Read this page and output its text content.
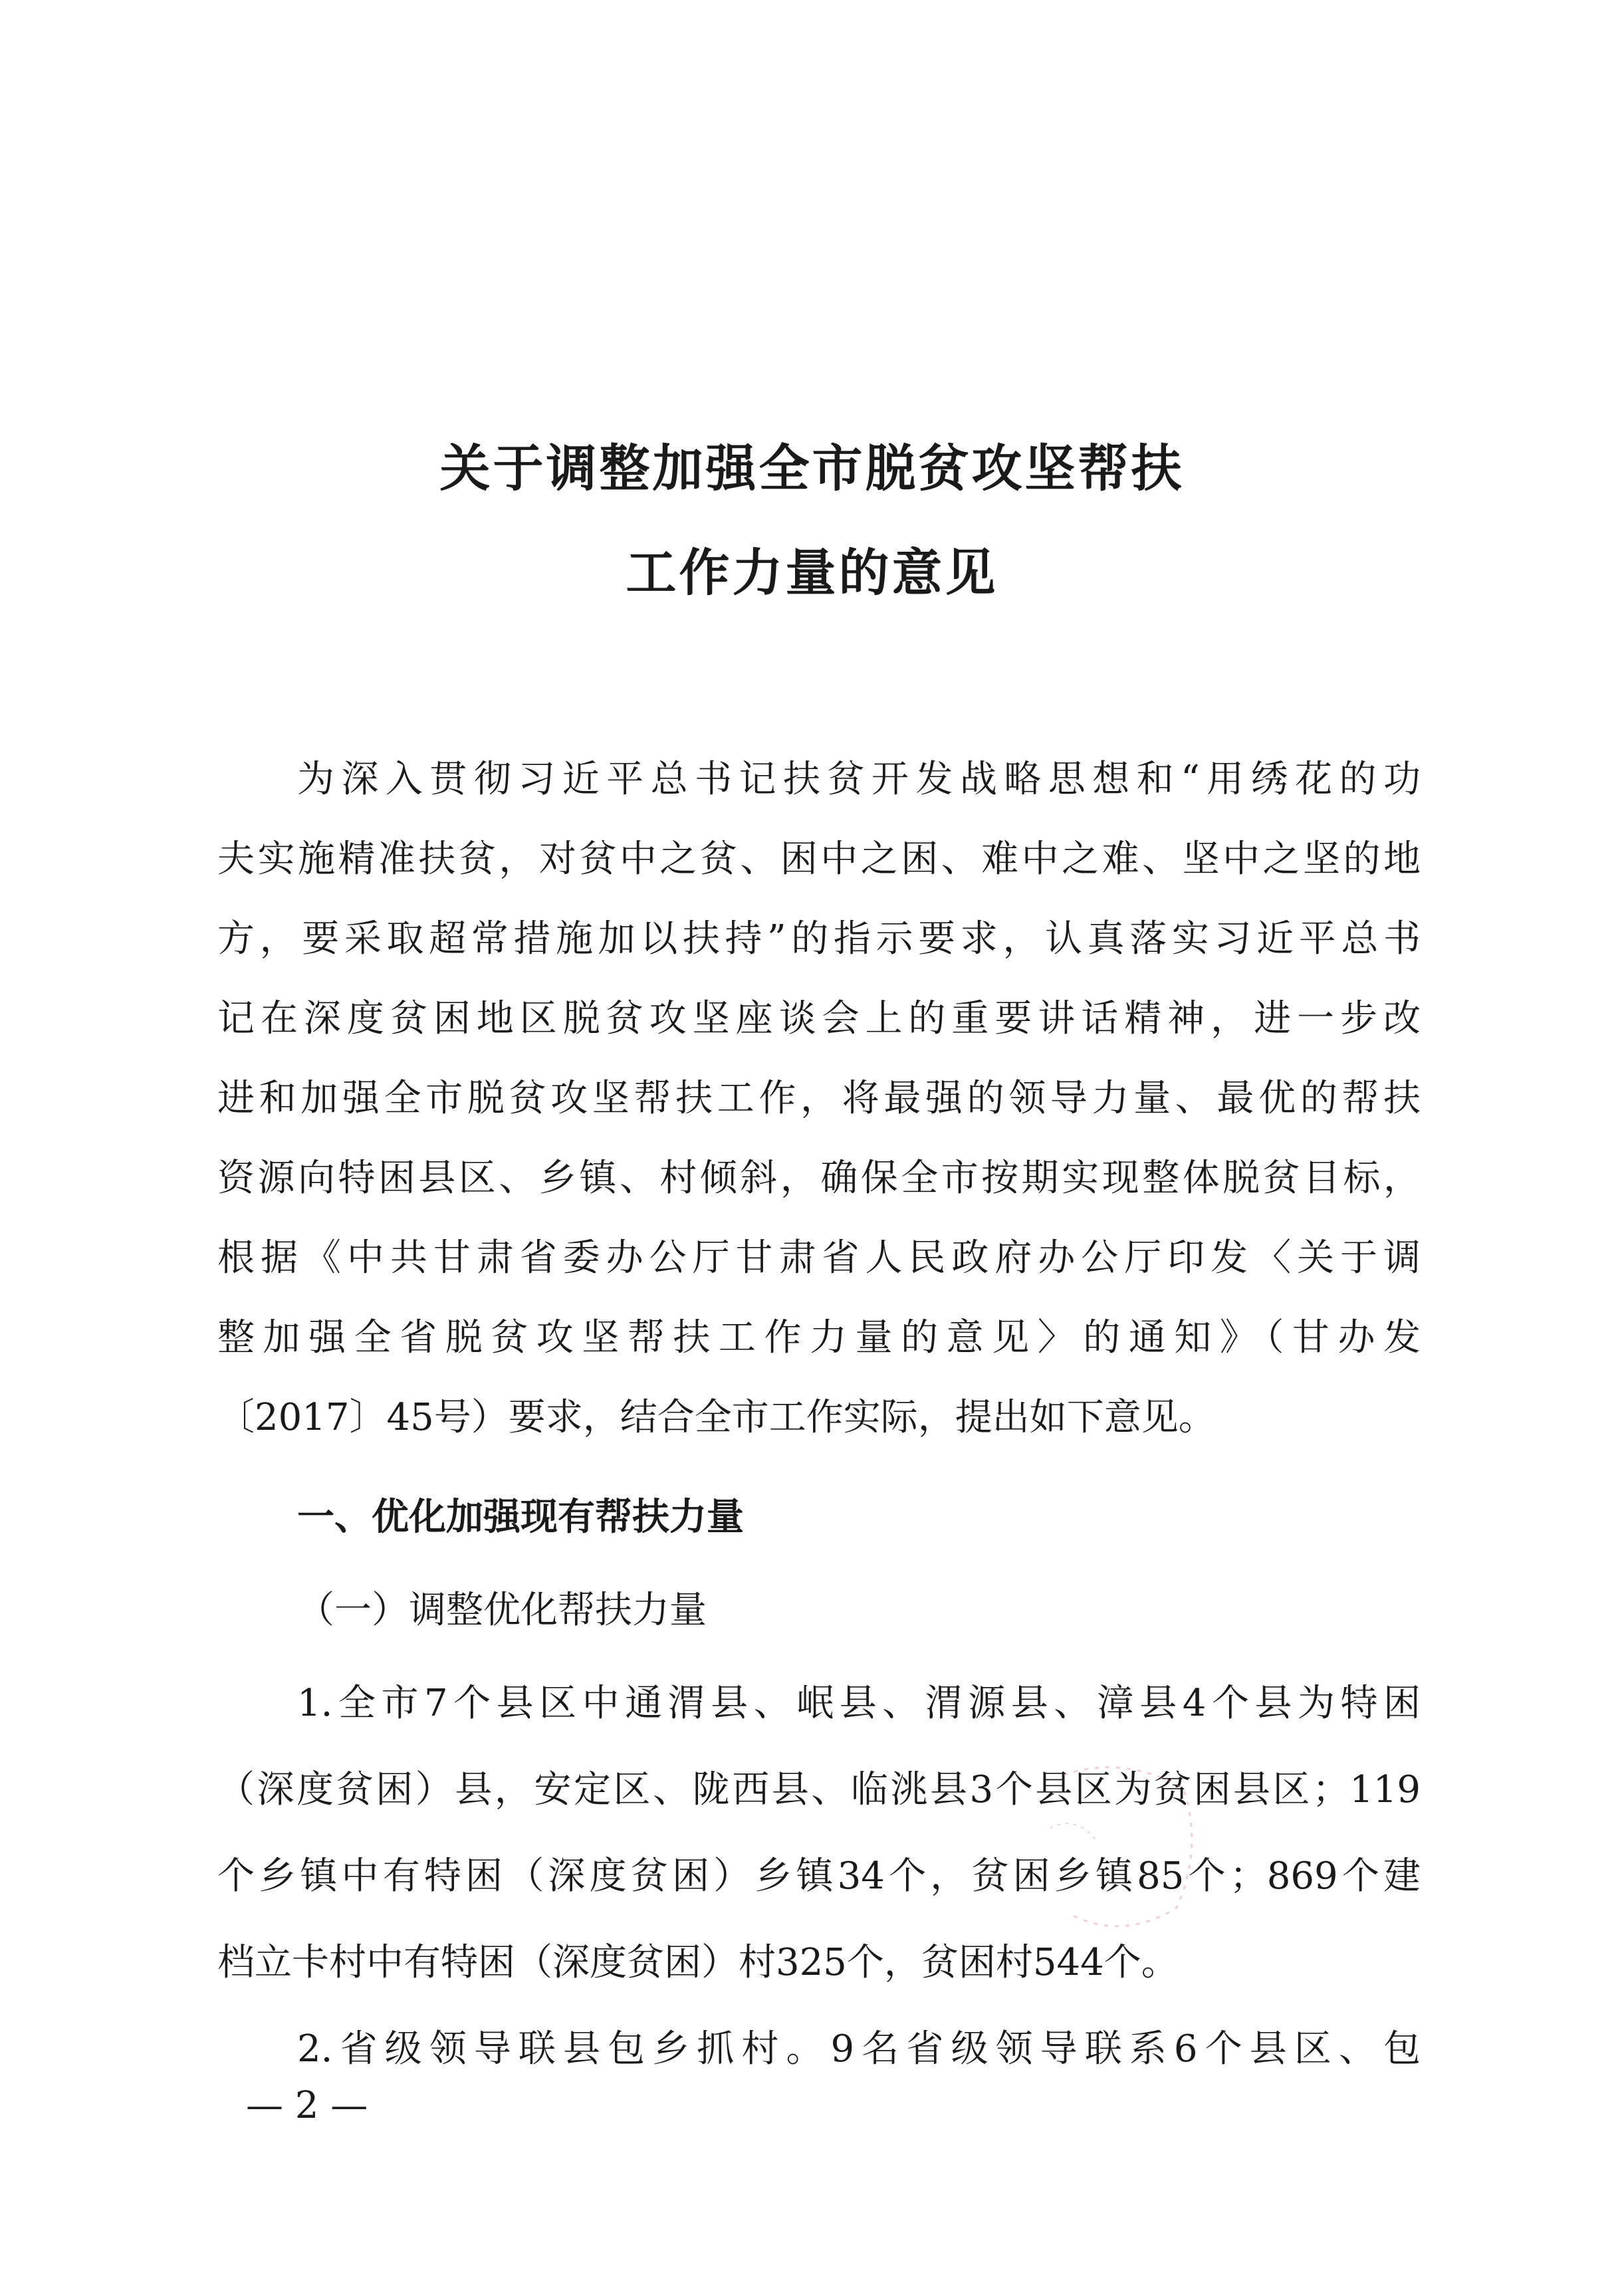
关于调整加强全市脱贫攻坚帮扶
工作力量的意见
为深入贯彻习近平总书记扶贫开发战略思想和“用绣花的功
夫实施精准扶贫，对贫中之贫、困中之困、难中之难、坚中之坚的地
方，要采取超常措施加以扶持”的指示要求，认真落实习近平总书
记在深度贫困地区脱贫攻坚座谈会上的重要讲话精神，进一步改
进和加强全市脱贫攻坚帮扶工作，将最强的领导力量、最优的帮扶
资源向特困县区、乡镇、村倾斜，确保全市按期实现整体脱贫目标，
根据《中共甘肃省委办公厅甘肃省人民政府办公厅印发〈关于调
整加强全省脱贫攻坚帮扶工作力量的意见〉的通知》（甘办发
〔2017〕45号）要求，结合全市工作实际，提出如下意见。
一、优化加强现有帮扶力量
（一）调整优化帮扶力量
1.全市7个县区中通渭县、岷县、渭源县、漳县4个县为特困
（深度贫困）县，安定区、陇西县、临洮县3个县区为贫困县区；119
个乡镇中有特困（深度贫困）乡镇34个，贫困乡镇85个；869个建
档立卡村中有特困（深度贫困）村325个，贫困村544个。
2.省级领导联县包乡抓村。9名省级领导联系6个县区、包
— 2 —
